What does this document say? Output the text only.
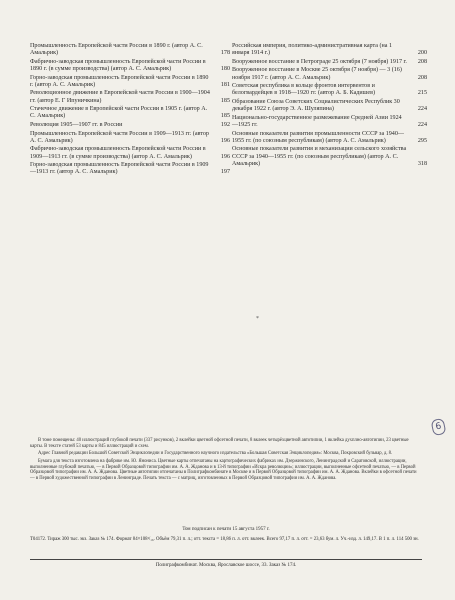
Промышленность Европейской части России в 1890 г. (автор А. С. Амальрик)	178
Фабрично-заводская промышленность Европейской части России в 1890 г. (в сумме производства) (автор А. С. Амальрик)	180
Горно-заводская промышленность Европейской части России в 1890 г. (автор А. С. Амальрик)	181
Революционное движение в Европейской части России в 1900—1904 гг. (автор Е. Г Ипуничкина)	185
Стачечное движение в Европейской части России в 1905 г. (автор А. С. Амальрик)	185
Революция 1905—1907 гг. в России	192
Промышленность Европейской части России в 1909—1913 гг. (автор А. С. Амальрик)	196
Фабрично-заводская промышленность Европейской части России в 1909—1913 гг. (в сумме производства) (автор А. С. Амальрик)	196
Горно-заводская промышленность Европейской части России в 1909—1913 гг. (автор А. С. Амальрик)	197
Российская империя, политико-административная карта (на 1 января 1914 г.)	200
Вооруженное восстание в Петрограде 25 октября (7 ноября) 1917 г.	208
Вооруженное восстание в Москве 25 октября (7 ноября) — 3 (16) ноября 1917 г. (автор А. С. Амальрик)	208
Советская республика в кольце фронтов интервентов и белогвардейцев в 1918—1920 гг. (автор А. Б. Кадишев)	215
Образование Союза Советских Социалистических Республик 30 декабря 1922 г. (автор Э. А. Шуляпина)	224
Национально-государственное размежевание Средней Азии 1924—1925 гг.	224
Основные показатели развития промышленности СССР за 1940—1955 гг. (по союзным республикам) (автор А. С. Амальрик)	295
Основные показатели развития и механизации сельского хозяйства СССР за 1940—1955 гг. (по союзным республикам) (автор А. С. Амальрик)	318
*
6

В томе помещены: 40 иллюстраций глубокой печати (337 рисунков), 2 вклейки цветной офсетной печати, 8 вклеек четырёхцветной автотипии, 1 вклейка духплно-автотипии, 23 цветные карты. В тексте статей 53 карты и 845 иллюстраций и схем.

Адрес Главной редакции Большой Советской Энциклопедии и Государственного научного издательства «Большая Советская Энциклопедия»: Москва, Покровский бульвар, д. 8.

Бумага для текста изготовлена на фабрике им. Ю. Янониса. Цветные карты отпечатаны на картографических фабриках им. Дзержинского, Ленинградской и Саратовской, иллюстрации, выполненные глубокой печатью, — в Первой Образцовой типографии им. А. А. Жданова и в 13-й типографии «Искра революции»; иллюстрации, выполненные офсетной печатью, — в Первой Образцовой типографии им. А. А. Жданова. Цветные автотипии отпечатаны в Полиграфкомбинате в Москве и в Первой Образцовой типографии им. А. А. Жданова. Вклейки в офсетной печати — в Первой художественной типографии в Ленинграде. Печать текста — с матриц, изготовленных в Первой Образцовой типографии им. А. А. Жданова.

Том подписан к печати 15 августа 1957 г.
Т04172. Тираж 300 тыс. экз. Заказ № 174. Формат 84×108¹/₁₆. Объём 79,31 п. л.; отт. текста = 18,86 п. л. отт. вклеек. Всего 97,17 п. л. отт. = 23,63 бум. л. Уч.-изд. л. 149,17. В 1 п. л. 114 500 зн.
Полиграфкомбинат. Москва, Ярославское шоссе, 33. Заказ № 174.
